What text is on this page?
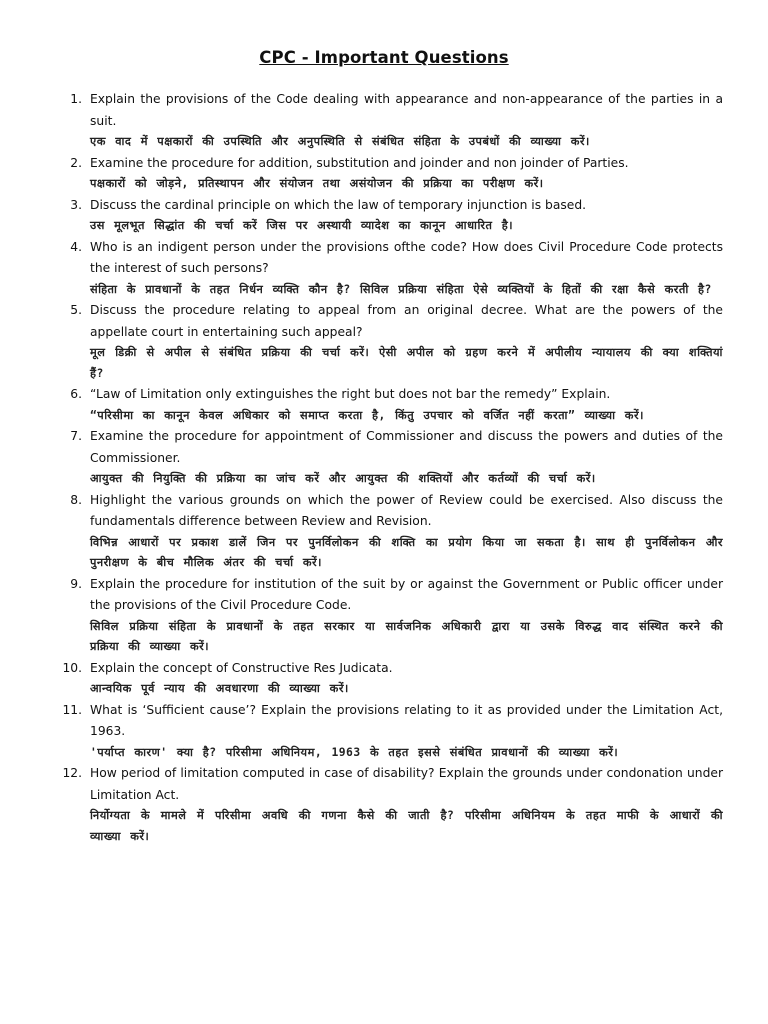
CPC - Important Questions
1. Explain the provisions of the Code dealing with appearance and non-appearance of the parties in a suit.

एक वाद में पक्षकारों की उपस्थिति और अनुपस्थिति से संबंधित संहिता के उपबंधों की व्याख्या करें।

2. Examine the procedure for addition, substitution and joinder and non joinder of Parties.

पक्षकारों को जोड़ने, प्रतिस्थापन और संयोजन तथा असंयोजन की प्रक्रिया का परीक्षण करें।

3. Discuss the cardinal principle on which the law of temporary injunction is based.

उस मूलभूत सिद्धांत की चर्चा करें जिस पर अस्थायी व्यादेश का कानून आधारित है।

4. Who is an indigent person under the provisions ofthe code? How does Civil Procedure Code protects the interest of such persons?

संहिता के प्रावधानों के तहत निर्धन व्यक्ति कौन है? सिविल प्रक्रिया संहिता ऐसे व्यक्तियों के हितों की रक्षा कैसे करती है?

5. Discuss the procedure relating to appeal from an original decree. What are the powers of the appellate court in entertaining such appeal?

मूल डिक्री से अपील से संबंधित प्रक्रिया की चर्चा करें। ऐसी अपील को ग्रहण करने में अपीलीय न्यायालय की क्या शक्तियां हैं?

6. “Law of Limitation only extinguishes the right but does not bar the remedy” Explain.

“परिसीमा का कानून केवल अधिकार को समाप्त करता है, किंतु उपचार को वर्जित नहीं करता” व्याख्या करें।

7. Examine the procedure for appointment of Commissioner and discuss the powers and duties of the Commissioner.

आयुक्त की नियुक्ति की प्रक्रिया का जांच करें और आयुक्त की शक्तियों और कर्तव्यों की चर्चा करें।

8. Highlight the various grounds on which the power of Review could be exercised. Also discuss the fundamentals difference between Review and Revision.

विभिन्न आधारों पर प्रकाश डालें जिन पर पुनर्विलोकन की शक्ति का प्रयोग किया जा सकता है। साथ ही पुनर्विलोकन और पुनरीक्षण के बीच मौलिक अंतर की चर्चा करें।

9. Explain the procedure for institution of the suit by or against the Government or Public officer under the provisions of the Civil Procedure Code.

सिविल प्रक्रिया संहिता के प्रावधानों के तहत सरकार या सार्वजनिक अधिकारी द्वारा या उसके विरुद्ध वाद संस्थित करने की प्रक्रिया की व्याख्या करें।

10. Explain the concept of Constructive Res Judicata.

आन्वयिक पूर्व न्याय की अवधारणा की व्याख्या करें।

11. What is ‘Sufficient cause’? Explain the provisions relating to it as provided under the Limitation Act, 1963.

'पर्याप्त कारण' क्या है? परिसीमा अधिनियम, 1963 के तहत इससे संबंधित प्रावधानों की व्याख्या करें।

12. How period of limitation computed in case of disability? Explain the grounds under condonation under Limitation Act.

निर्योग्यता के मामले में परिसीमा अवधि की गणना कैसे की जाती है? परिसीमा अधिनियम के तहत माफी के आधारों की व्याख्या करें।
